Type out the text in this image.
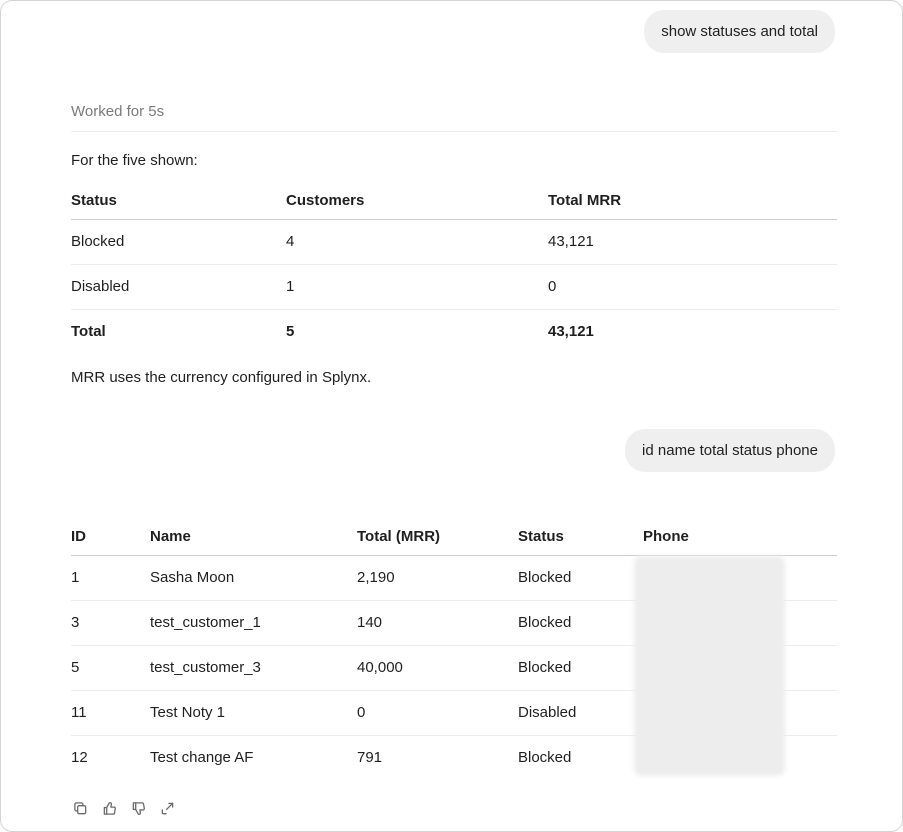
show statuses and total
Worked for 5s
For the five shown:
Status	Customers	Total MRR
Blocked	4	43,121
Disabled	1	0
Total	5	43,121
MRR uses the currency configured in Splynx.
id name total status phone
ID	Name	Total (MRR)	Status	Phone
1	Sasha Moon	2,190	Blocked	
3	test_customer_1	140	Blocked	
5	test_customer_3	40,000	Blocked	
11	Test Noty 1	0	Disabled	
12	Test change AF	791	Blocked	
